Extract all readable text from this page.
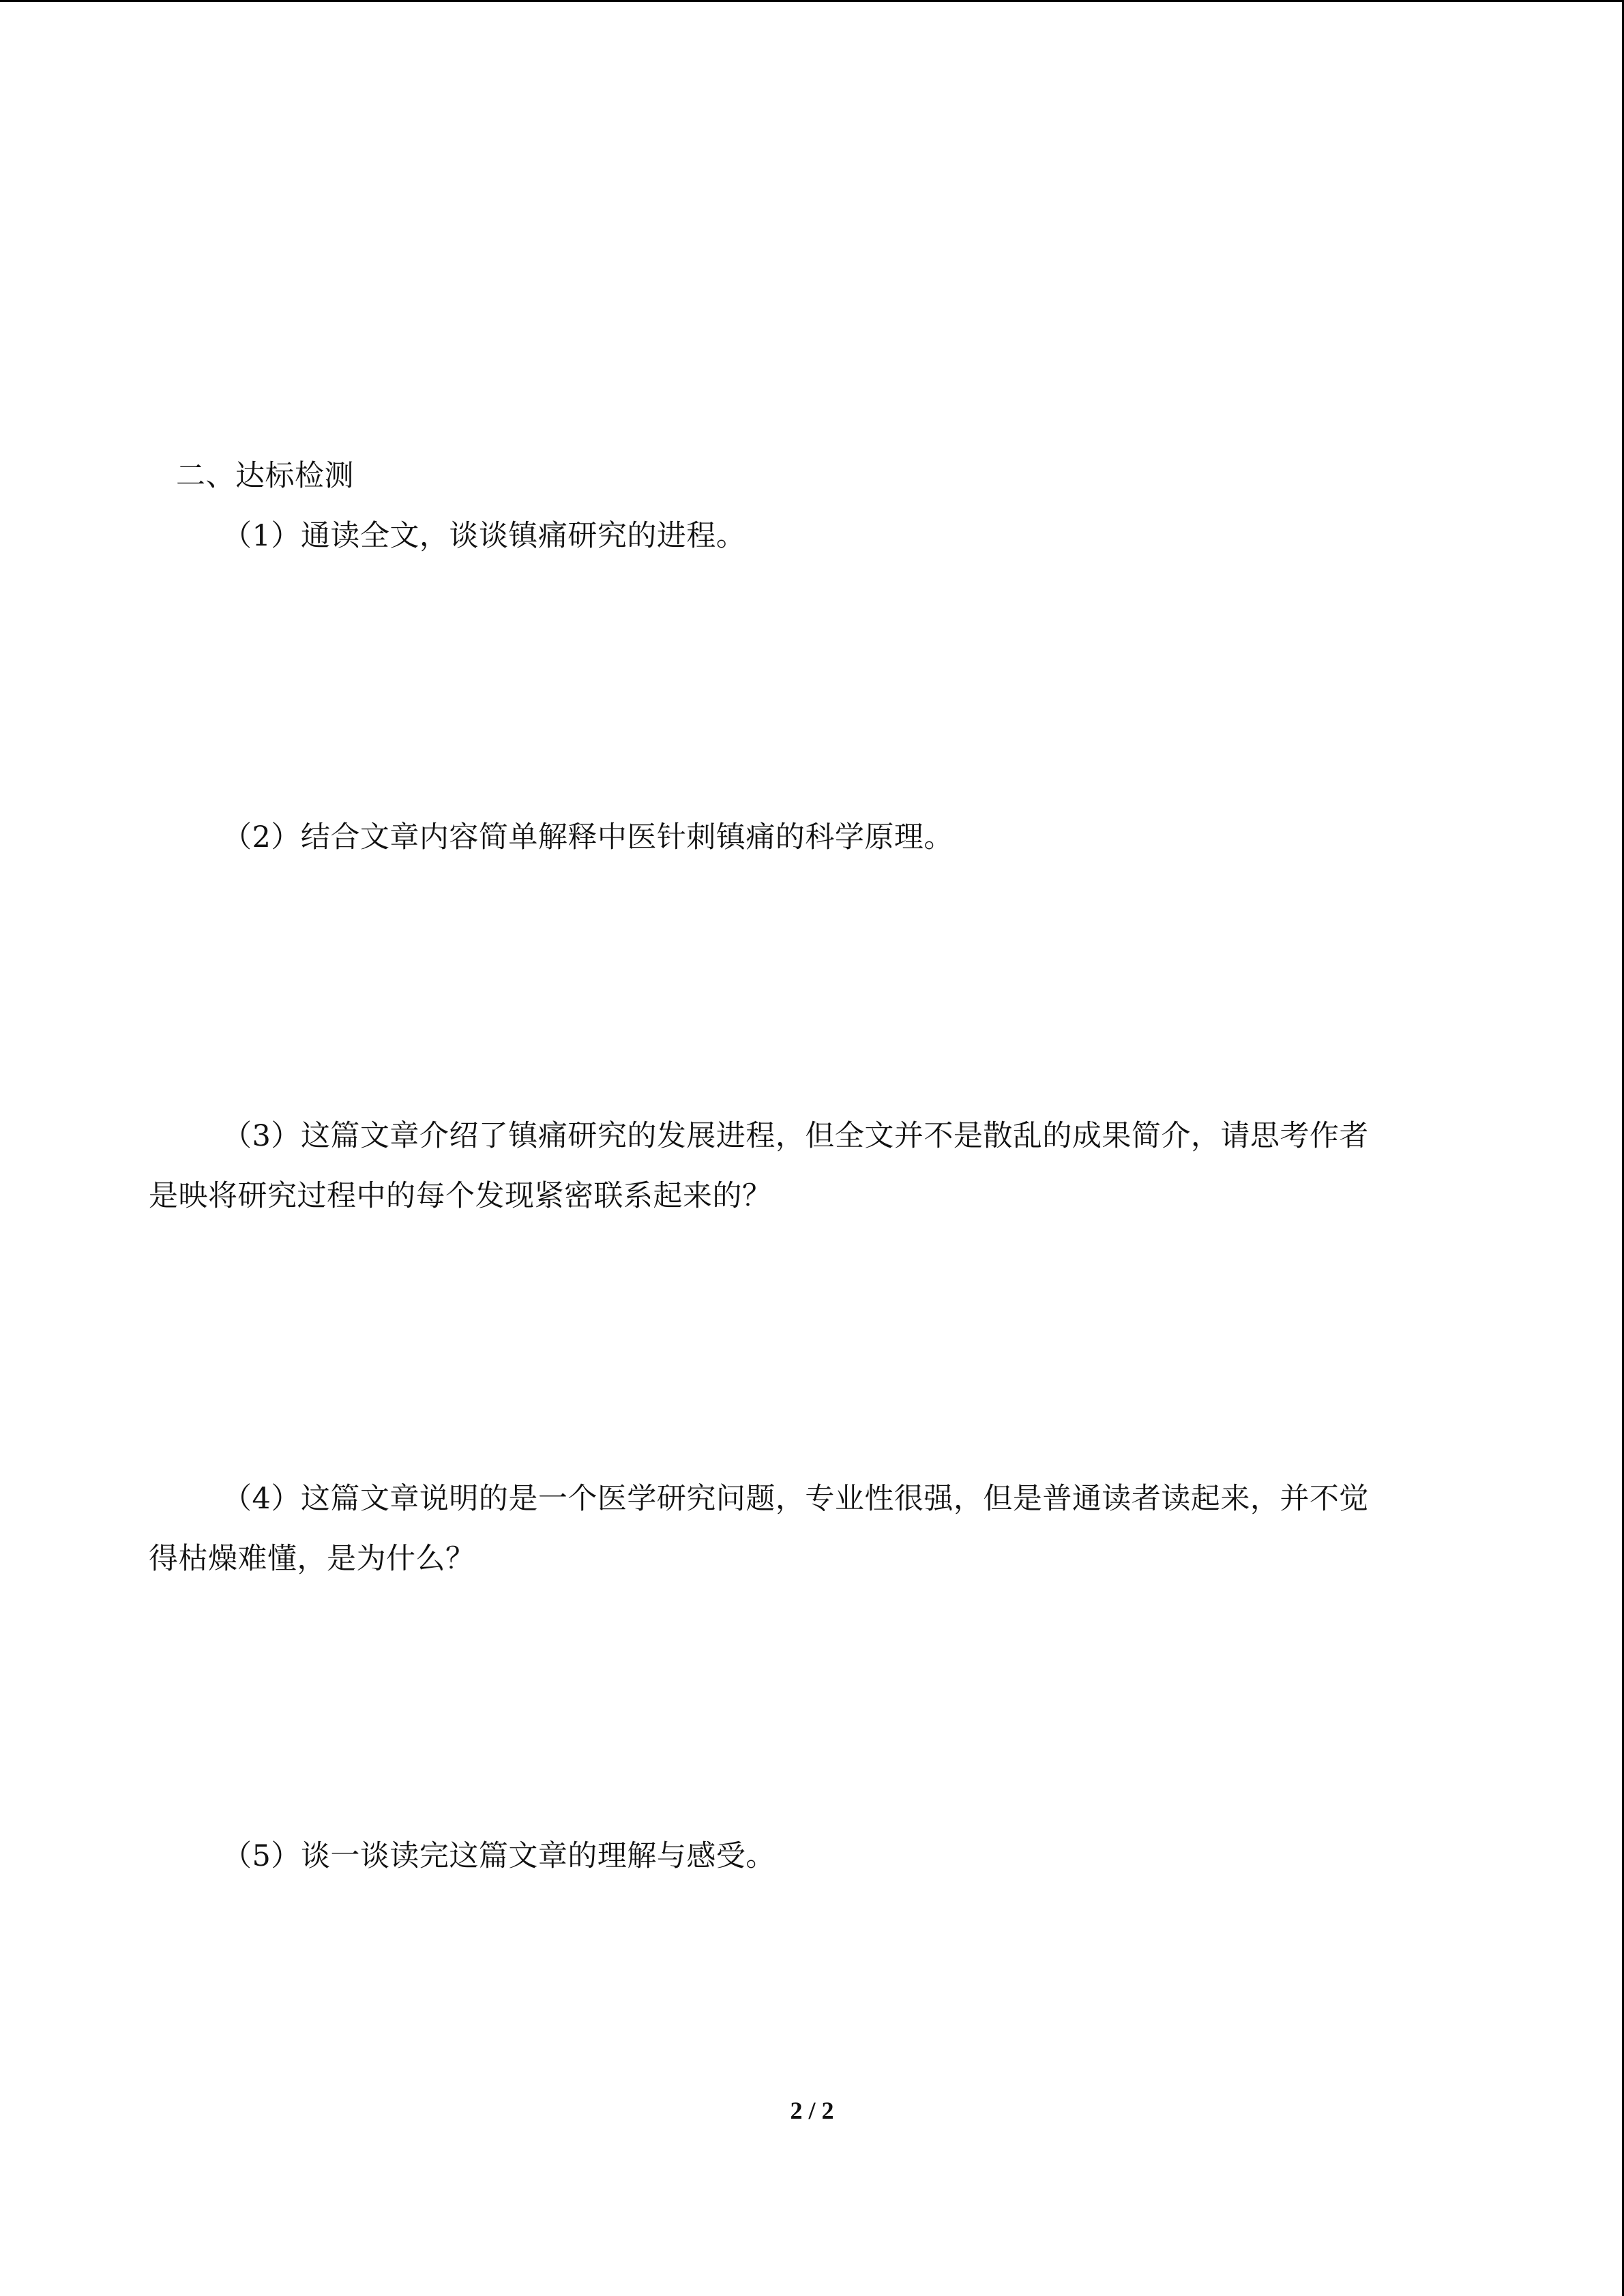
二、达标检测
（1）通读全文，谈谈镇痛研究的进程。
（2）结合文章内容简单解释中医针刺镇痛的科学原理。
（3）这篇文章介绍了镇痛研究的发展进程，但全文并不是散乱的成果简介，请思考作者
是映将研究过程中的每个发现紧密联系起来的？
（4）这篇文章说明的是一个医学研究问题，专业性很强，但是普通读者读起来，并不觉
得枯燥难懂，是为什么？
（5）谈一谈读完这篇文章的理解与感受。
2 / 2
